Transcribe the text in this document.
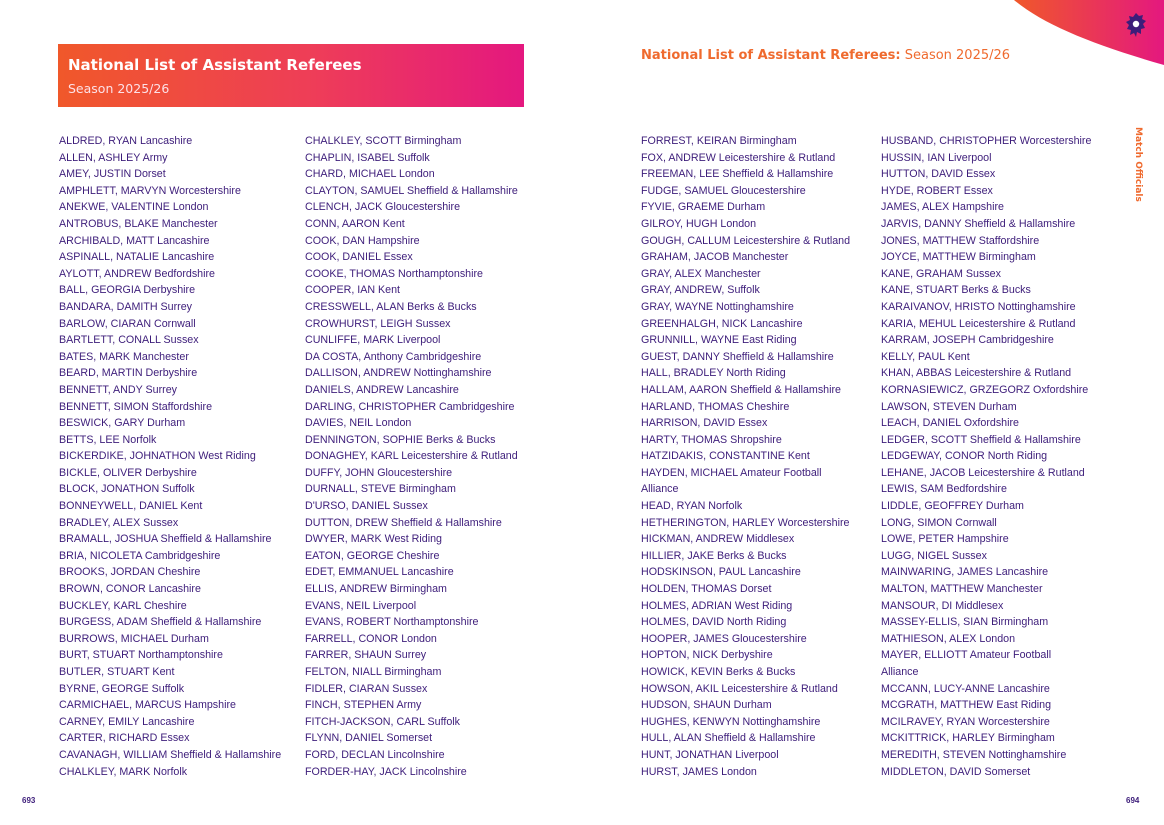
National List of Assistant Referees
Season 2025/26
National List of Assistant Referees: Season 2025/26
Match Officials
ALDRED, RYAN Lancashire
ALLEN, ASHLEY Army
AMEY, JUSTIN Dorset
AMPHLETT, MARVYN Worcestershire
ANEKWE, VALENTINE London
ANTROBUS, BLAKE Manchester
ARCHIBALD, MATT Lancashire
ASPINALL, NATALIE Lancashire
AYLOTT, ANDREW Bedfordshire
BALL, GEORGIA Derbyshire
BANDARA, DAMITH Surrey
BARLOW, CIARAN Cornwall
BARTLETT, CONALL Sussex
BATES, MARK Manchester
BEARD, MARTIN Derbyshire
BENNETT, ANDY Surrey
BENNETT, SIMON Staffordshire
BESWICK, GARY Durham
BETTS, LEE Norfolk
BICKERDIKE, JOHNATHON West Riding
BICKLE, OLIVER Derbyshire
BLOCK, JONATHON Suffolk
BONNEYWELL, DANIEL Kent
BRADLEY, ALEX Sussex
BRAMALL, JOSHUA Sheffield & Hallamshire
BRIA, NICOLETA Cambridgeshire
BROOKS, JORDAN Cheshire
BROWN, CONOR Lancashire
BUCKLEY, KARL Cheshire
BURGESS, ADAM Sheffield & Hallamshire
BURROWS, MICHAEL Durham
BURT, STUART Northamptonshire
BUTLER, STUART Kent
BYRNE, GEORGE Suffolk
CARMICHAEL, MARCUS Hampshire
CARNEY, EMILY Lancashire
CARTER, RICHARD Essex
CAVANAGH, WILLIAM Sheffield & Hallamshire
CHALKLEY, MARK Norfolk
CHALKLEY, SCOTT Birmingham
CHAPLIN, ISABEL Suffolk
CHARD, MICHAEL London
CLAYTON, SAMUEL Sheffield & Hallamshire
CLENCH, JACK Gloucestershire
CONN, AARON Kent
COOK, DAN Hampshire
COOK, DANIEL Essex
COOKE, THOMAS Northamptonshire
COOPER, IAN Kent
CRESSWELL, ALAN Berks & Bucks
CROWHURST, LEIGH Sussex
CUNLIFFE, MARK Liverpool
DA COSTA, Anthony Cambridgeshire
DALLISON, ANDREW Nottinghamshire
DANIELS, ANDREW Lancashire
DARLING, CHRISTOPHER Cambridgeshire
DAVIES, NEIL London
DENNINGTON, SOPHIE Berks & Bucks
DONAGHEY, KARL Leicestershire & Rutland
DUFFY, JOHN Gloucestershire
DURNALL, STEVE Birmingham
D'URSO, DANIEL Sussex
DUTTON, DREW Sheffield & Hallamshire
DWYER, MARK West Riding
EATON, GEORGE Cheshire
EDET, EMMANUEL Lancashire
ELLIS, ANDREW Birmingham
EVANS, NEIL Liverpool
EVANS, ROBERT Northamptonshire
FARRELL, CONOR London
FARRER, SHAUN Surrey
FELTON, NIALL Birmingham
FIDLER, CIARAN Sussex
FINCH, STEPHEN Army
FITCH-JACKSON, CARL Suffolk
FLYNN, DANIEL Somerset
FORD, DECLAN Lincolnshire
FORDER-HAY, JACK Lincolnshire
FORREST, KEIRAN Birmingham
FOX, ANDREW Leicestershire & Rutland
FREEMAN, LEE Sheffield & Hallamshire
FUDGE, SAMUEL Gloucestershire
FYVIE, GRAEME Durham
GILROY, HUGH London
GOUGH, CALLUM Leicestershire & Rutland
GRAHAM, JACOB Manchester
GRAY, ALEX Manchester
GRAY, ANDREW, Suffolk
GRAY, WAYNE Nottinghamshire
GREENHALGH, NICK Lancashire
GRUNNILL, WAYNE East Riding
GUEST, DANNY Sheffield & Hallamshire
HALL, BRADLEY North Riding
HALLAM, AARON Sheffield & Hallamshire
HARLAND, THOMAS Cheshire
HARRISON, DAVID Essex
HARTY, THOMAS Shropshire
HATZIDAKIS, CONSTANTINE Kent
HAYDEN, MICHAEL Amateur Football
Alliance
HEAD, RYAN Norfolk
HETHERINGTON, HARLEY Worcestershire
HICKMAN, ANDREW Middlesex
HILLIER, JAKE Berks & Bucks
HODSKINSON, PAUL Lancashire
HOLDEN, THOMAS Dorset
HOLMES, ADRIAN West Riding
HOLMES, DAVID North Riding
HOOPER, JAMES Gloucestershire
HOPTON, NICK Derbyshire
HOWICK, KEVIN Berks & Bucks
HOWSON, AKIL Leicestershire & Rutland
HUDSON, SHAUN Durham
HUGHES, KENWYN Nottinghamshire
HULL, ALAN Sheffield & Hallamshire
HUNT, JONATHAN Liverpool
HURST, JAMES London
HUSBAND, CHRISTOPHER Worcestershire
HUSSIN, IAN Liverpool
HUTTON, DAVID Essex
HYDE, ROBERT Essex
JAMES, ALEX Hampshire
JARVIS, DANNY Sheffield & Hallamshire
JONES, MATTHEW Staffordshire
JOYCE, MATTHEW Birmingham
KANE, GRAHAM Sussex
KANE, STUART Berks & Bucks
KARAIVANOV, HRISTO Nottinghamshire
KARIA, MEHUL Leicestershire & Rutland
KARRAM, JOSEPH Cambridgeshire
KELLY, PAUL Kent
KHAN, ABBAS Leicestershire & Rutland
KORNASIEWICZ, GRZEGORZ Oxfordshire
LAWSON, STEVEN Durham
LEACH, DANIEL Oxfordshire
LEDGER, SCOTT Sheffield & Hallamshire
LEDGEWAY, CONOR North Riding
LEHANE, JACOB Leicestershire & Rutland
LEWIS, SAM Bedfordshire
LIDDLE, GEOFFREY Durham
LONG, SIMON Cornwall
LOWE, PETER Hampshire
LUGG, NIGEL Sussex
MAINWARING, JAMES Lancashire
MALTON, MATTHEW Manchester
MANSOUR, DI Middlesex
MASSEY-ELLIS, SIAN Birmingham
MATHIESON, ALEX London
MAYER, ELLIOTT Amateur Football
Alliance
MCCANN, LUCY-ANNE Lancashire
MCGRATH, MATTHEW East Riding
MCILRAVEY, RYAN Worcestershire
MCKITTRICK, HARLEY Birmingham
MEREDITH, STEVEN Nottinghamshire
MIDDLETON, DAVID Somerset
693	694
